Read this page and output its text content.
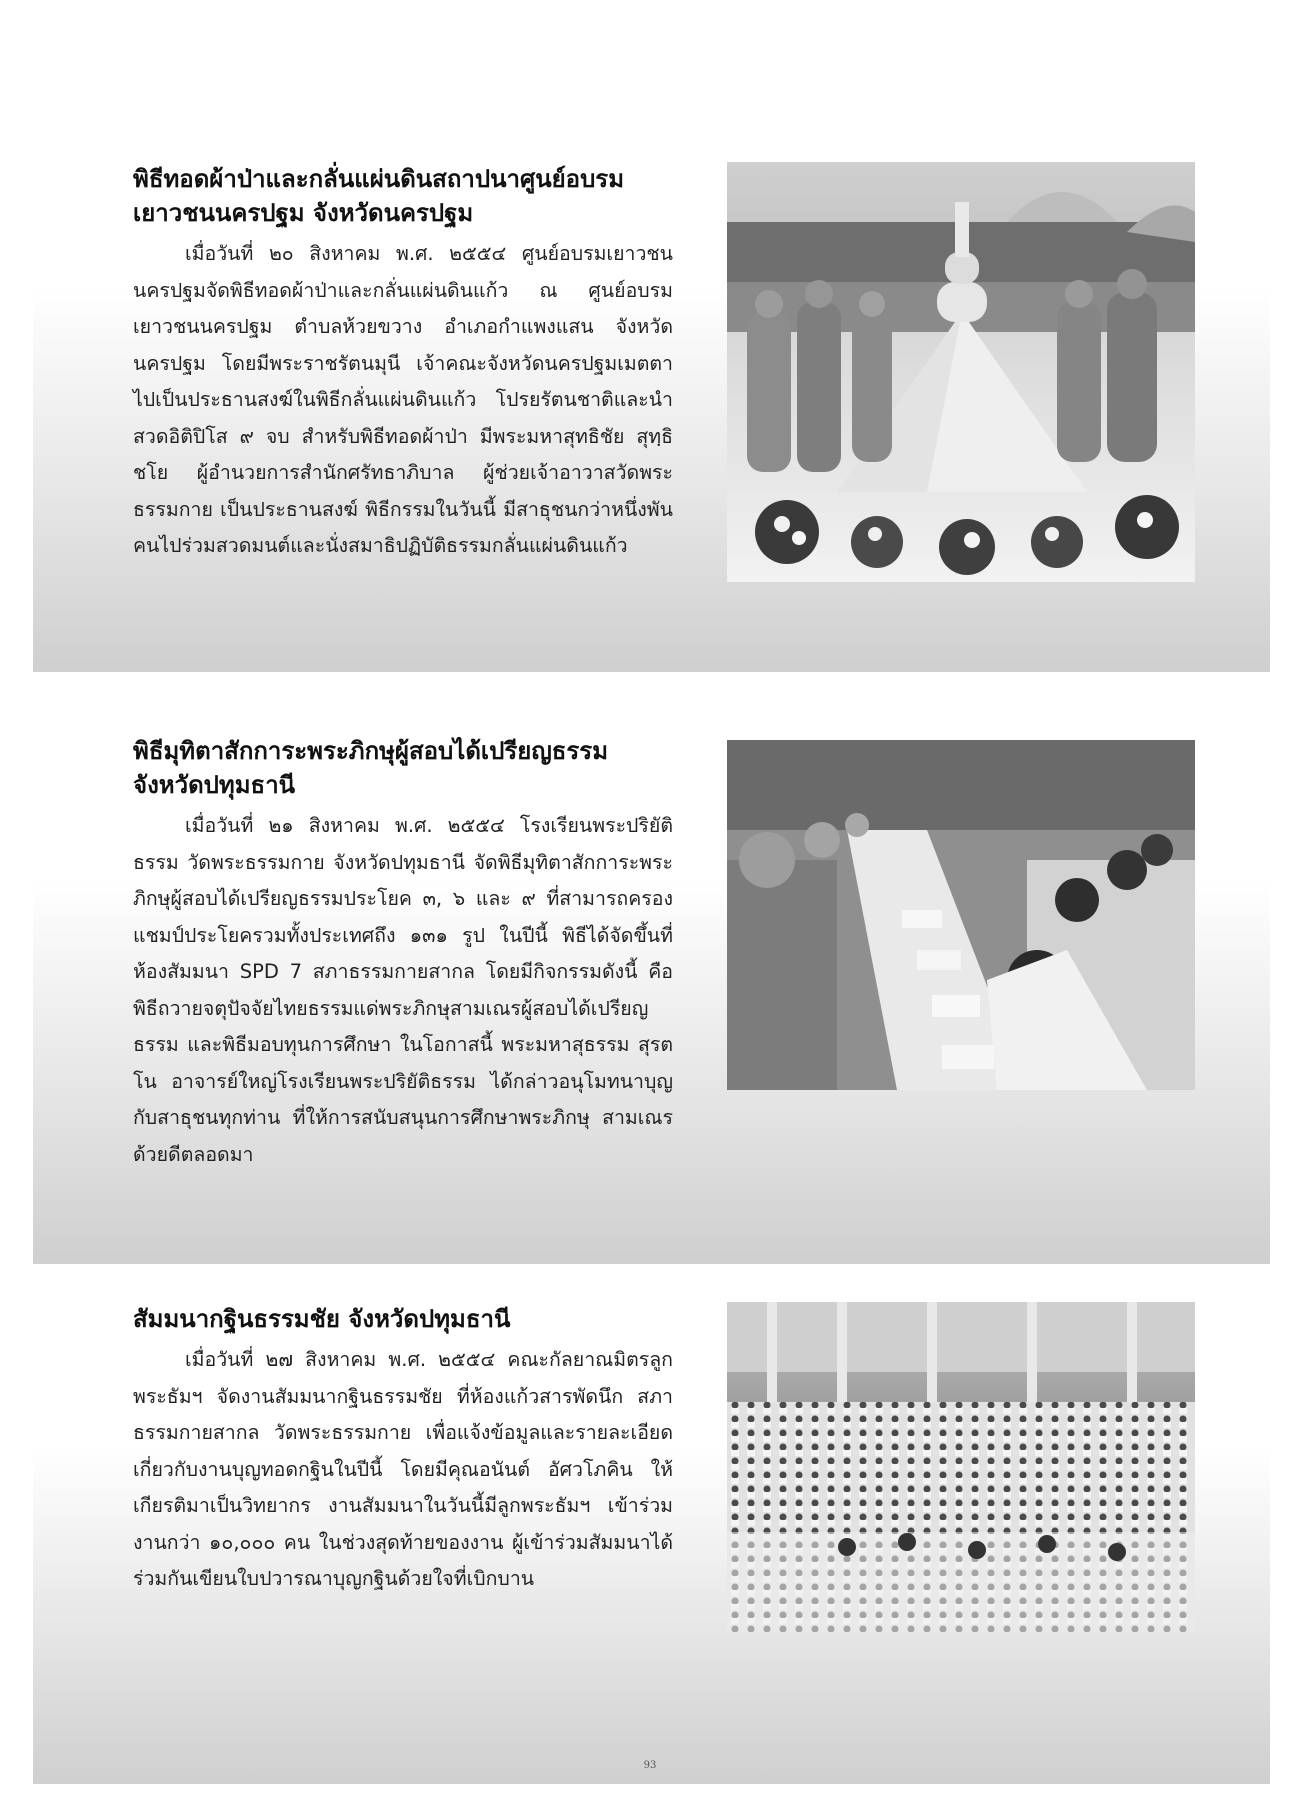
พิธีทอดผ้าป่าและกลั่นแผ่นดินสถาปนาศูนย์อบรม
เยาวชนนครปฐม จังหวัดนครปฐม

เมื่อวันที่ ๒๐ สิงหาคม พ.ศ. ๒๕๕๔ ศูนย์อบรมเยาวชนนครปฐมจัดพิธีทอดผ้าป่าและกลั่นแผ่นดินแก้ว ณ ศูนย์อบรมเยาวชนนครปฐม ตำบลห้วยขวาง อำเภอกำแพงแสน จังหวัดนครปฐม โดยมีพระราชรัตนมุนี เจ้าคณะจังหวัดนครปฐมเมตตาไปเป็นประธานสงฆ์ในพิธีกลั่นแผ่นดินแก้ว โปรยรัตนชาติและนำสวดอิติปิโส ๙ จบ สำหรับพิธีทอดผ้าป่า มีพระมหาสุทธิชัย สุทฺธิชโย ผู้อำนวยการสำนักศรัทธาภิบาล ผู้ช่วยเจ้าอาวาสวัดพระธรรมกาย เป็นประธานสงฆ์ พิธีกรรมในวันนี้ มีสาธุชนกว่าหนึ่งพันคนไปร่วมสวดมนต์และนั่งสมาธิปฏิบัติธรรมกลั่นแผ่นดินแก้ว

พิธีมุทิตาสักการะพระภิกษุผู้สอบได้เปรียญธรรม
จังหวัดปทุมธานี

เมื่อวันที่ ๒๑ สิงหาคม พ.ศ. ๒๕๕๔ โรงเรียนพระปริยัติธรรม วัดพระธรรมกาย จังหวัดปทุมธานี จัดพิธีมุทิตาสักการะพระภิกษุผู้สอบได้เปรียญธรรมประโยค ๓, ๖ และ ๙ ที่สามารถครองแชมป์ประโยครวมทั้งประเทศถึง ๑๓๑ รูป ในปีนี้ พิธีได้จัดขึ้นที่ห้องสัมมนา SPD 7 สภาธรรมกายสากล โดยมีกิจกรรมดังนี้ คือ พิธีถวายจตุปัจจัยไทยธรรมแด่พระภิกษุสามเณรผู้สอบได้เปรียญธรรม และพิธีมอบทุนการศึกษา ในโอกาสนี้ พระมหาสุธรรม สุรตโน อาจารย์ใหญ่โรงเรียนพระปริยัติธรรม ได้กล่าวอนุโมทนาบุญกับสาธุชนทุกท่าน ที่ให้การสนับสนุนการศึกษาพระภิกษุ สามเณรด้วยดีตลอดมา

สัมมนากฐินธรรมชัย จังหวัดปทุมธานี

เมื่อวันที่ ๒๗ สิงหาคม พ.ศ. ๒๕๕๔ คณะกัลยาณมิตรลูกพระธัมฯ จัดงานสัมมนากฐินธรรมชัย ที่ห้องแก้วสารพัดนึก สภาธรรมกายสากล วัดพระธรรมกาย เพื่อแจ้งข้อมูลและรายละเอียดเกี่ยวกับงานบุญทอดกฐินในปีนี้ โดยมีคุณอนันต์ อัศวโภคิน ให้เกียรติมาเป็นวิทยากร งานสัมมนาในวันนี้มีลูกพระธัมฯ เข้าร่วมงานกว่า ๑๐,๐๐๐ คน ในช่วงสุดท้ายของงาน ผู้เข้าร่วมสัมมนาได้ร่วมกันเขียนใบปวารณาบุญกฐินด้วยใจที่เบิกบาน

93
